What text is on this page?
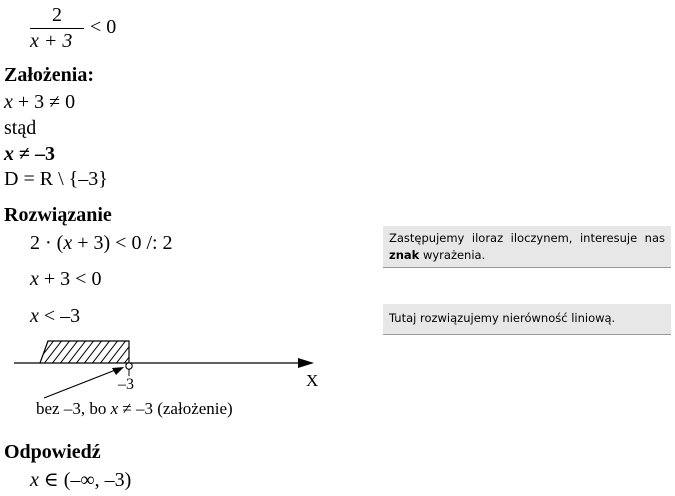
2
x + 3
< 0
Założenia:
x + 3 ≠ 0
stąd
x ≠ –3
D = R \ {–3}
Rozwiązanie
2 · (x + 3) < 0 /: 2
x + 3 < 0
x < –3
Zastępujemy iloraz iloczynem, interesuje nas znak wyrażenia.
Tutaj rozwiązujemy nierówność liniową.
–3	X
bez –3, bo x ≠ –3 (założenie)
Odpowiedź
x ∈ (–∞, –3)
